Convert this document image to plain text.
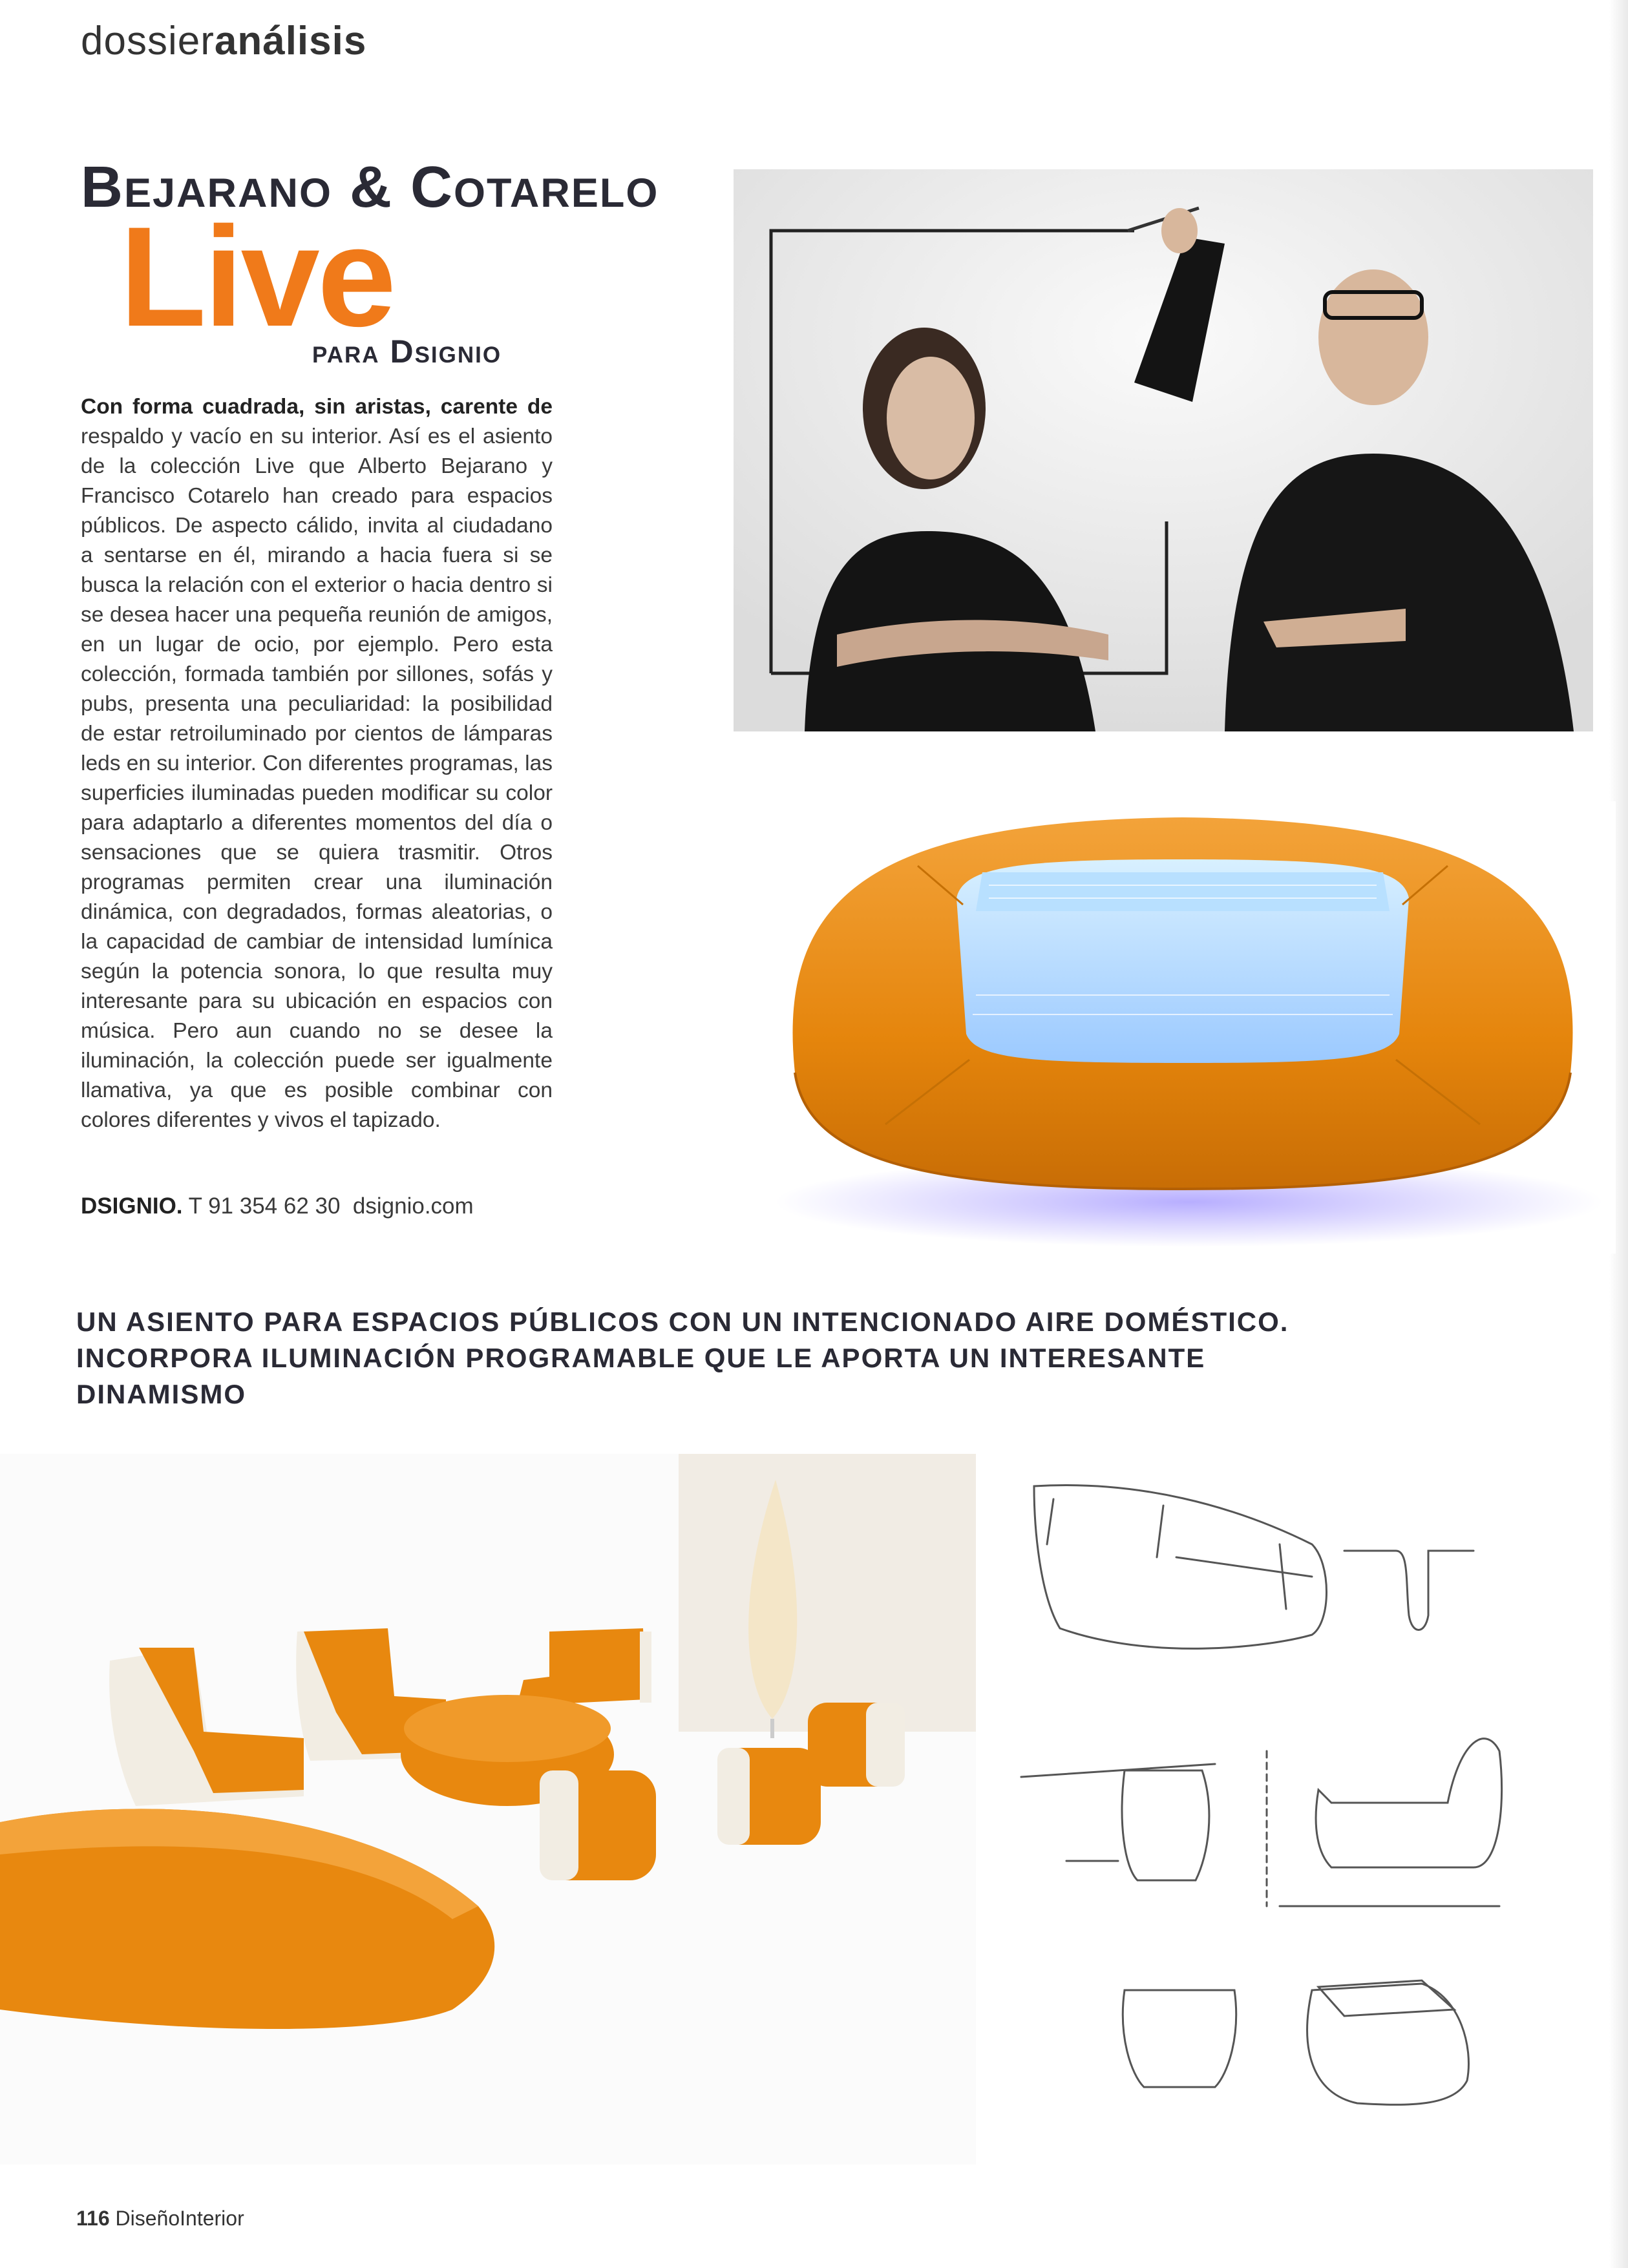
dossieranálisis
Bejarano & Cotarelo
Live
para Dsignio
Con forma cuadrada, sin aristas, carente de respaldo y vacío en su interior. Así es el asiento de la colección Live que Alberto Bejarano y Francisco Cotarelo han creado para espacios públicos. De aspecto cálido, invita al ciudadano a sentarse en él, mirando a hacia fuera si se busca la relación con el exterior o hacia dentro si se desea hacer una pequeña reunión de amigos, en un lugar de ocio, por ejemplo. Pero esta colección, formada también por sillones, sofás y pubs, presenta una peculiaridad: la posibilidad de estar retroiluminado por cientos de lámparas leds en su interior. Con diferentes programas, las superficies iluminadas pueden modificar su color para adaptarlo a diferentes momentos del día o sensaciones que se quiera trasmitir. Otros programas permiten crear una iluminación dinámica, con degradados, formas aleatorias, o la capacidad de cambiar de intensidad lumínica según la potencia sonora, lo que resulta muy interesante para su ubicación en espacios con música. Pero aun cuando no se desee la iluminación, la colección puede ser igualmente llamativa, ya que es posible combinar con colores diferentes y vivos el tapizado.
DSIGNIO. T 91 354 62 30 dsignio.com
UN ASIENTO PARA ESPACIOS PÚBLICOS CON UN INTENCIONADO AIRE DOMÉSTICO.
INCORPORA ILUMINACIÓN PROGRAMABLE QUE LE APORTA UN INTERESANTE DINAMISMO
116 DiseñoInterior
